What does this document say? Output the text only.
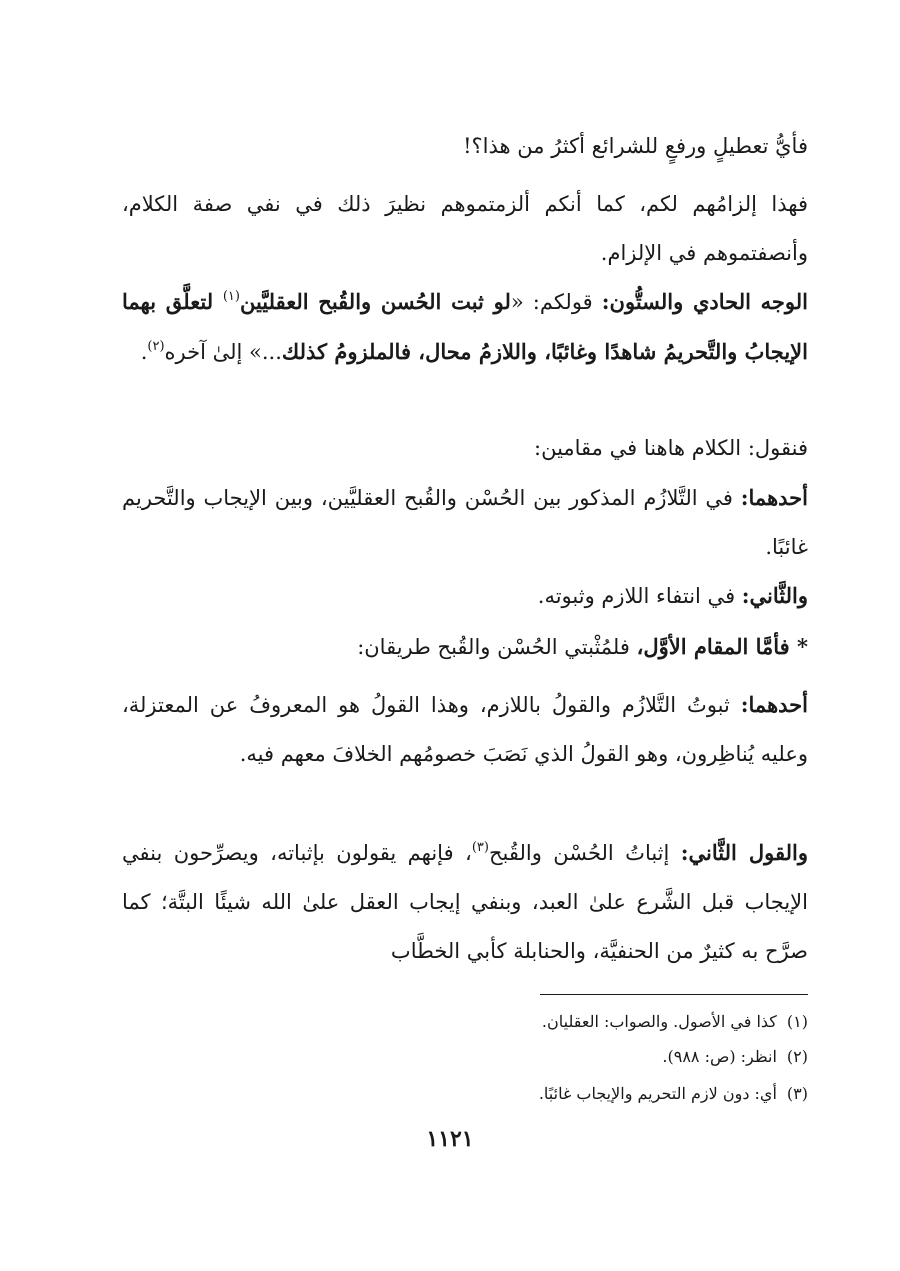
فأيُّ تعطيلٍ ورفعٍ للشرائع أكثرُ من هذا؟!

فهذا إلزامُهم لكم، كما أنكم ألزمتموهم نظيرَ ذلك في نفي صفة الكلام، وأنصفتموهم في الإلزام.

الوجه الحادي والستُّون: قولكم: «لو ثبت الحُسن والقُبح العقليَّين$^{(١)}$ لتعلَّق بهما الإيجابُ والتَّحريمُ شاهدًا وغائبًا، واللازمُ محال، فالملزومُ كذلك...» إلىٰ آخره$^{(٢)}$.

فنقول: الكلام هاهنا في مقامين:

أحدهما: في التَّلازُم المذكور بين الحُسْن والقُبح العقليَّين، وبين الإيجاب والتَّحريم غائبًا.

والثَّاني: في انتفاء اللازم وثبوته.

* فأمَّا المقام الأوَّل، فلمُثْبتي الحُسْن والقُبح طريقان:

أحدهما: ثبوتُ التَّلازُم والقولُ باللازم، وهذا القولُ هو المعروفُ عن المعتزلة، وعليه يُناظِرون، وهو القولُ الذي نَصَبَ خصومُهم الخلافَ معهم فيه.

والقول الثَّاني: إثباتُ الحُسْن والقُبح$^{(٣)}$، فإنهم يقولون بإثباته، ويصرِّحون بنفي الإيجاب قبل الشَّرع علىٰ العبد، وبنفي إيجاب العقل علىٰ الله شيئًا البتَّة؛ كما صرَّح به كثيرٌ من الحنفيَّة، والحنابلة كأبي الخطَّاب

(١)كذا في الأصول. والصواب: العقليان.
(٢)انظر: (ص: ٩٨٨).
(٣)أي: دون لازم التحريم والإيجاب غائبًا.
١١٢١
